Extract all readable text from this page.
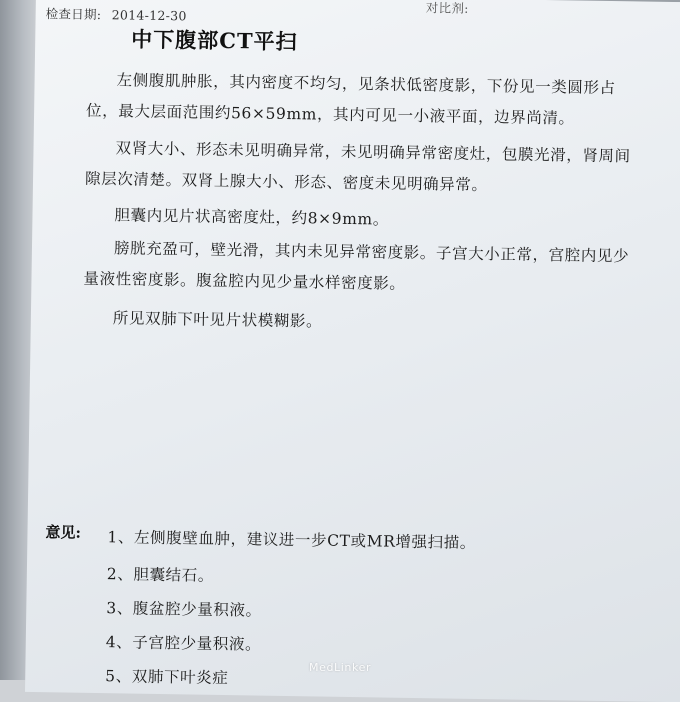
检查日期: 2014-12-30	对比剂:
中下腹部CT平扫
左侧腹肌肿胀，其内密度不均匀，见条状低密度影，下份见一类圆形占位，最大层面范围约56×59mm，其内可见一小液平面，边界尚清。
双肾大小、形态未见明确异常，未见明确异常密度灶，包膜光滑，肾周间隙层次清楚。双肾上腺大小、形态、密度未见明确异常。
胆囊内见片状高密度灶，约8×9mm。
膀胱充盈可，壁光滑，其内未见异常密度影。子宫大小正常，宫腔内见少量液性密度影。腹盆腔内见少量水样密度影。
所见双肺下叶见片状模糊影。
意见: 1、左侧腹壁血肿，建议进一步CT或MR增强扫描。
2、胆囊结石。
3、腹盆腔少量积液。
4、子宫腔少量积液。
5、双肺下叶炎症	MedLinker
